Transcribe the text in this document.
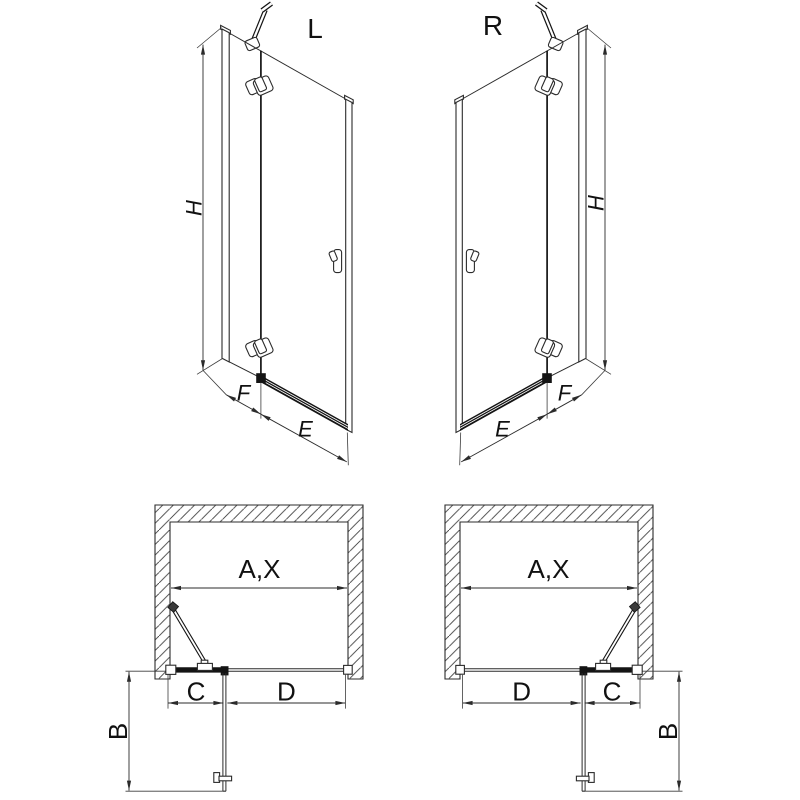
L	R
H	H
F
E
F
E
A,X	A,X
C	D	D	C
B	B
